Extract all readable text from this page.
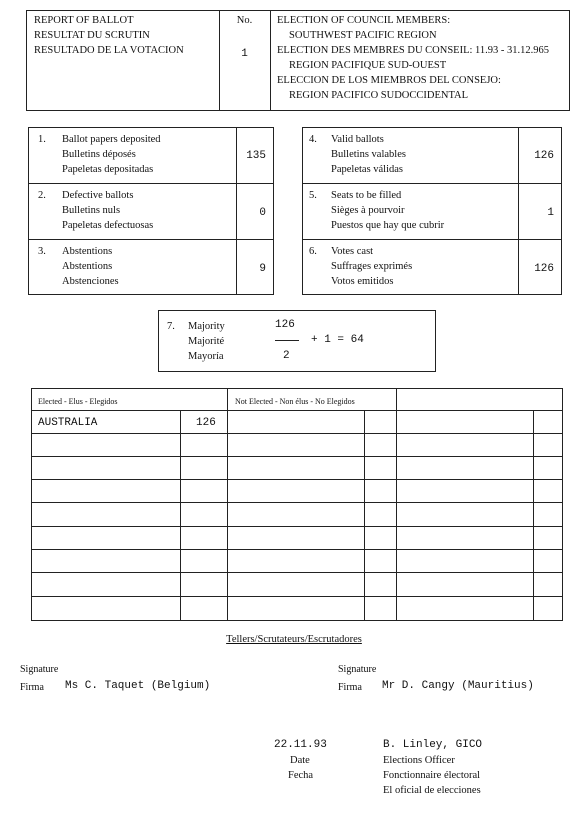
REPORT OF BALLOT
RESULTAT DU SCRUTIN
RESULTADO DE LA VOTACION
No.
1
ELECTION OF COUNCIL MEMBERS:
SOUTHWEST PACIFIC REGION
ELECTION DES MEMBRES DU CONSEIL: 11.93 - 31.12.965
REGION PACIFIQUE SUD-OUEST
ELECCION DE LOS MIEMBROS DEL CONSEJO:
REGION PACIFICO SUDOCCIDENTAL
1. Ballot papers deposited
Bulletins déposés
Papeletas depositadas
135
2. Defective ballots
Bulletins nuls
Papeletas defectuosas
0
3. Abstentions
Abstentions
Abstenciones
9
4. Valid ballots
Bulletins valables
Papeletas válidas
126
5. Seats to be filled
Sièges à pourvoir
Puestos que hay que cubrir
1
6. Votes cast
Suffrages exprimés
Votos emitidos
126
7. Majority
Majorité
Mayoría
126
+ 1 = 64
2
Elected - Elus - Elegidos	Not Elected - Non élus - No Elegidos
AUSTRALIA	126
Tellers/Scrutateurs/Escrutadores
Signature
Firma Ms C. Taquet (Belgium)
Signature
Firma Mr D. Cangy (Mauritius)
22.11.93
Date
Fecha
B. Linley, GICO
Elections Officer
Fonctionnaire électoral
El oficial de elecciones
